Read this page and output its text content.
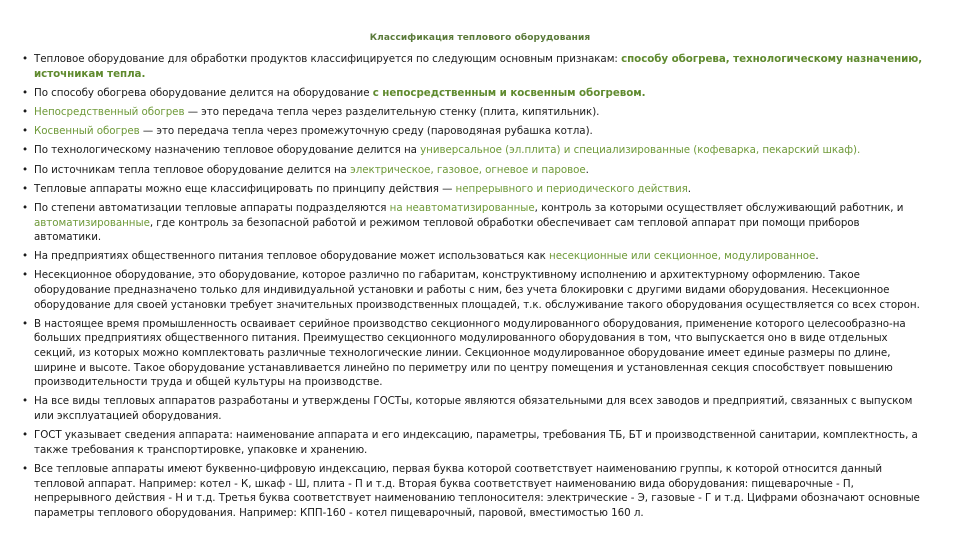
Классификация теплового оборудования
• Тепловое оборудование для обработки продуктов классифицируется по следующим основным признакам: способу обогрева, технологическому назначению, источникам тепла.
• По способу обогрева оборудование делится на оборудование с непосредственным и косвенным обогревом.
• Непосредственный обогрев — это передача тепла через разделительную стенку (плита, кипятильник).
• Косвенный обогрев — это передача тепла через промежуточную среду (пароводяная рубашка котла).
• По технологическому назначению тепловое оборудование делится на универсальное (эл.плита) и специализированные (кофеварка, пекарский шкаф).
• По источникам тепла тепловое оборудование делится на электрическое, газовое, огневое и паровое.
• Тепловые аппараты можно еще классифицировать по принципу действия — непрерывного и периодического действия.
• По степени автоматизации тепловые аппараты подразделяются на неавтоматизированные, контроль за которыми осуществляет обслуживающий работник, и автоматизированные, где контроль за безопасной работой и режимом тепловой обработки обеспечивает сам тепловой аппарат при помощи приборов автоматики.
• На предприятиях общественного питания тепловое оборудование может использоваться как несекционные или секционное, модулированное.
• Несекционное оборудование, это оборудование, которое различно по габаритам, конструктивному исполнению и архитектурному оформлению. Такое оборудование предназначено только для индивидуальной установки и работы с ним, без учета блокировки с другими видами оборудования. Несекционное оборудование для своей установки требует значительных производственных площадей, т.к. обслуживание такого оборудования осуществляется со всех сторон.
• В настоящее время промышленность осваивает серийное производство секционного модулированного оборудования, применение которого целесообразно-на больших предприятиях общественного питания. Преимущество секционного модулированного оборудования в том, что выпускается оно в виде отдельных секций, из которых можно комплектовать различные технологические линии. Секционное модулированное оборудование имеет единые размеры по длине, ширине и высоте. Такое оборудование устанавливается линейно по периметру или по центру помещения и установленная секция способствует повышению производительности труда и общей культуры на производстве.
• На все виды тепловых аппаратов разработаны и утверждены ГОСТы, которые являются обязательными для всех заводов и предприятий, связанных с выпуском или эксплуатацией оборудования.
• ГОСТ указывает сведения аппарата: наименование аппарата и его индексацию, параметры, требования ТБ, БТ и производственной санитарии, комплектность, а также требования к транспортировке, упаковке и хранению.
• Все тепловые аппараты имеют буквенно-цифровую индексацию, первая буква которой соответствует наименованию группы, к которой относится данный тепловой аппарат. Например: котел - К, шкаф - Ш, плита - П и т.д. Вторая буква соответствует наименованию вида оборудования: пищеварочные - П, непрерывного действия - Н и т.д. Третья буква соответствует наименованию теплоносителя: электрические - Э, газовые - Г и т.д. Цифрами обозначают основные параметры теплового оборудования. Например: КПП-160 - котел пищеварочный, паровой, вместимостью 160 л.
